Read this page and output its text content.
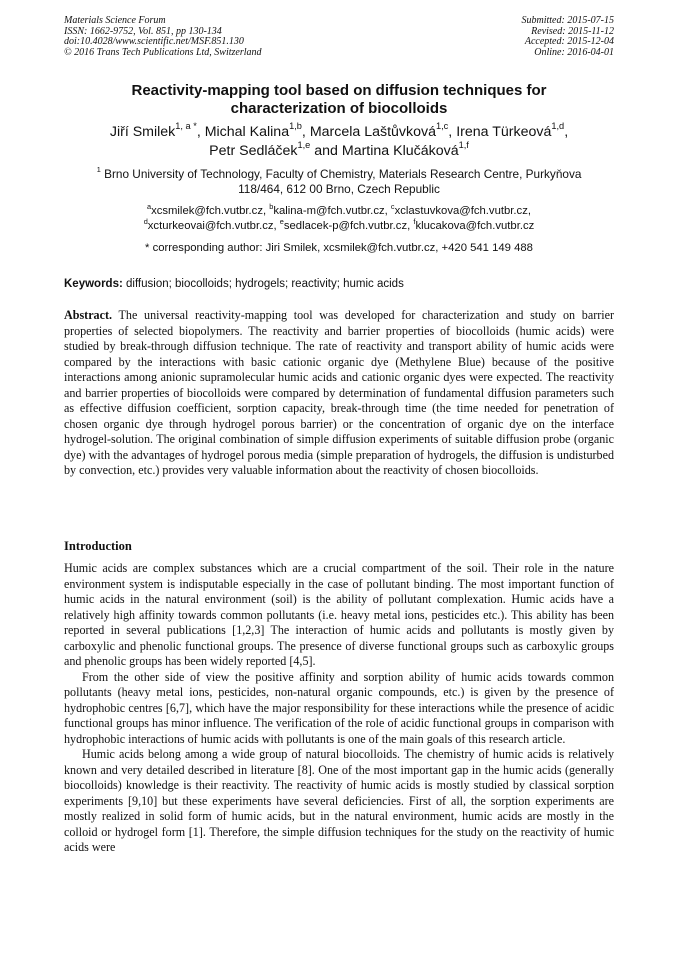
Materials Science Forum
ISSN: 1662-9752, Vol. 851, pp 130-134
doi:10.4028/www.scientific.net/MSF.851.130
© 2016 Trans Tech Publications Ltd, Switzerland
Submitted: 2015-07-15
Revised: 2015-11-12
Accepted: 2015-12-04
Online: 2016-04-01
Reactivity-mapping tool based on diffusion techniques for
characterization of biocolloids
Jiří Smilek$^{1, a *}$, Michal Kalina$^{1,b}$, Marcela Laštůvková$^{1,c}$, Irena Türkeová$^{1,d}$,
Petr Sedláček$^{1,e}$ and Martina Klučáková$^{1,f}$
$^1$ Brno University of Technology, Faculty of Chemistry, Materials Research Centre, Purkyňova
118/464, 612 00 Brno, Czech Republic
$^a$xcsmilek@fch.vutbr.cz, $^b$kalina-m@fch.vutbr.cz, $^c$xclastuvkova@fch.vutbr.cz,
$^d$xcturkeovai@fch.vutbr.cz, $^e$sedlacek-p@fch.vutbr.cz, $^f$klucakova@fch.vutbr.cz
* corresponding author: Jiri Smilek, xcsmilek@fch.vutbr.cz, +420 541 149 488
Keywords: diffusion; biocolloids; hydrogels; reactivity; humic acids

Abstract. The universal reactivity-mapping tool was developed for characterization and study on barrier properties of selected biopolymers. The reactivity and barrier properties of biocolloids (humic acids) were studied by break-through diffusion technique. The rate of reactivity and transport ability of humic acids were compared by the interactions with basic cationic organic dye (Methylene Blue) because of the positive interactions among anionic supramolecular humic acids and cationic organic dyes were expected. The reactivity and barrier properties of biocolloids were compared by determination of fundamental diffusion parameters such as effective diffusion coefficient, sorption capacity, break-through time (the time needed for penetration of chosen organic dye through hydrogel porous barrier) or the concentration of organic dye on the interface hydrogel-solution. The original combination of simple diffusion experiments of suitable diffusion probe (organic dye) with the advantages of hydrogel porous media (simple preparation of hydrogels, the diffusion is undisturbed by convection, etc.) provides very valuable information about the reactivity of chosen biocolloids.

Introduction

Humic acids are complex substances which are a crucial compartment of the soil. Their role in the nature environment system is indisputable especially in the case of pollutant binding. The most important function of humic acids in the natural environment (soil) is the ability of pollutant complexation. Humic acids have a relatively high affinity towards common pollutants (i.e. heavy metal ions, pesticides etc.). This ability has been reported in several publications [1,2,3] The interaction of humic acids and pollutants is mostly given by carboxylic and phenolic functional groups. The presence of diverse functional groups such as carboxylic groups and phenolic groups has been widely reported [4,5].

From the other side of view the positive affinity and sorption ability of humic acids towards common pollutants (heavy metal ions, pesticides, non-natural organic compounds, etc.) is given by the presence of hydrophobic centres [6,7], which have the major responsibility for these interactions while the presence of acidic functional groups has minor influence. The verification of the role of acidic functional groups in comparison with hydrophobic interactions of humic acids with pollutants is one of the main goals of this research article.

Humic acids belong among a wide group of natural biocolloids. The chemistry of humic acids is relatively known and very detailed described in literature [8]. One of the most important gap in the humic acids (generally biocolloids) knowledge is their reactivity. The reactivity of humic acids is mostly studied by classical sorption experiments [9,10] but these experiments have several deficiencies. First of all, the sorption experiments are mostly realized in solid form of humic acids, but in the natural environment, humic acids are mostly in the colloid or hydrogel form [1]. Therefore, the simple diffusion techniques for the study on the reactivity of humic acids were
